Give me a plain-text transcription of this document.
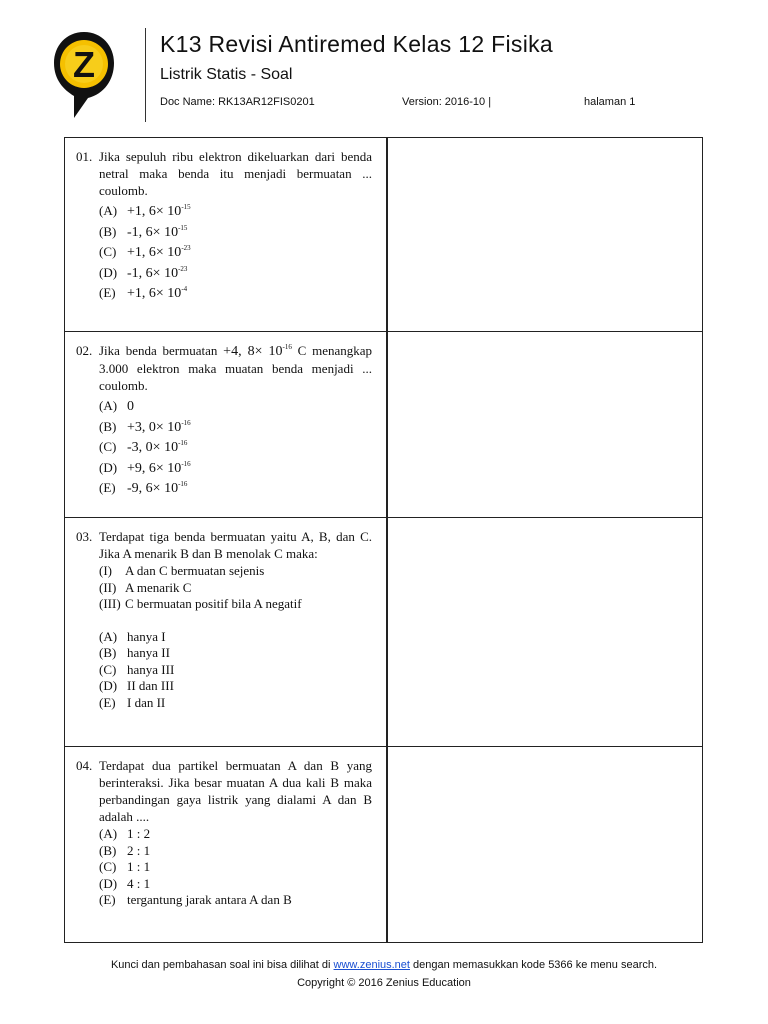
Z	K13 Revisi Antiremed Kelas 12 Fisika
Listrik Statis - Soal
Doc Name: RK13AR12FIS0201	Version: 2016-10 |	halaman 1
01. Jika sepuluh ribu elektron dikeluarkan dari benda netral maka benda itu menjadi bermuatan ... coulomb.
(A) +1, $6\times 10^{-15}$
(B) -1, $6\times 10^{-15}$
(C) +1, $6\times 10^{-23}$
(D) -1, $6\times 10^{-23}$
(E) +1, $6\times 10^{-4}$
02. Jika benda bermuatan +4, $8\times 10^{-16}$ C menangkap 3.000 elektron maka muatan benda menjadi ... coulomb.
(A) 0
(B) +3, $0\times 10^{-16}$
(C) -3, $0\times 10^{-16}$
(D) +9, $6\times 10^{-16}$
(E) -9, $6\times 10^{-16}$
03. Terdapat tiga benda bermuatan yaitu A, B, dan C. Jika A menarik B dan B menolak C maka:
(I)	A dan C bermuatan sejenis
(II) A menarik C
(III) C bermuatan positif bila A negatif
(A) hanya I
(B) hanya II
(C) hanya III
(D) II dan III
(E) I dan II
04. Terdapat dua partikel bermuatan A dan B yang berinteraksi. Jika besar muatan A dua kali B maka perbandingan gaya listrik yang dialami A dan B adalah ....
(A) 1 : 2
(B) 2 : 1
(C) 1 : 1
(D) 4 : 1
(E) tergantung jarak antara A dan B
Kunci dan pembahasan soal ini bisa dilihat di www.zenius.net dengan memasukkan kode 5366 ke menu search.
Copyright © 2016 Zenius Education
